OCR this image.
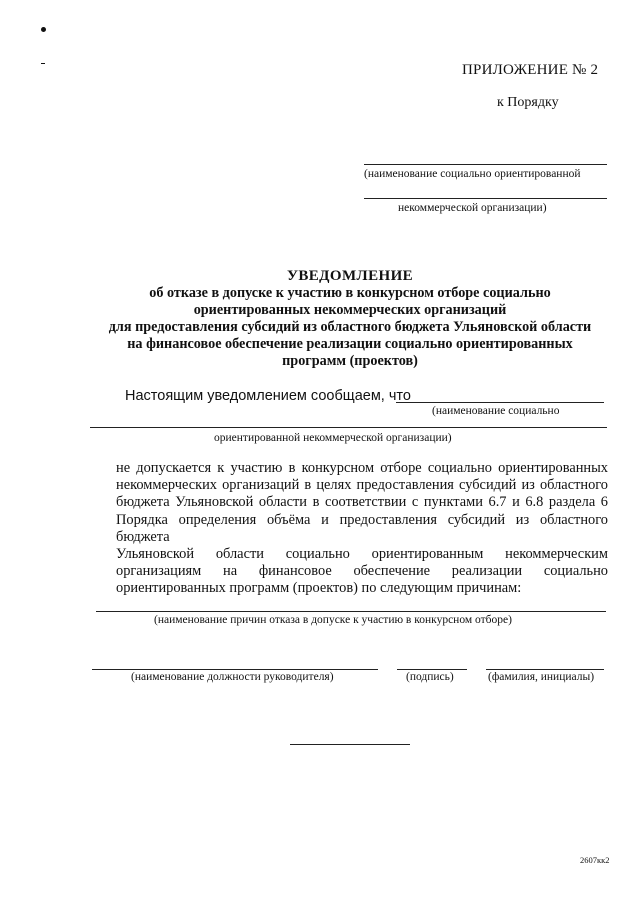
ПРИЛОЖЕНИЕ № 2
к Порядку
(наименование социально ориентированной
некоммерческой организации)
УВЕДОМЛЕНИЕ
об отказе в допуске к участию в конкурсном отборе социально
ориентированных некоммерческих организаций
для предоставления субсидий из областного бюджета Ульяновской области
на финансовое обеспечение реализации социально ориентированных
программ (проектов)
Настоящим уведомлением сообщаем, что
(наименование социально
ориентированной некоммерческой организации)
не допускается к участию в конкурсном отборе социально ориентированных
некоммерческих организаций в целях предоставления субсидий из областного
бюджета Ульяновской области в соответствии с пунктами 6.7 и 6.8 раздела 6
Порядка определения объёма и предоставления субсидий из областного бюджета
Ульяновской области социально ориентированным некоммерческим
организациям на финансовое обеспечение реализации социально
ориентированных программ (проектов) по следующим причинам:
(наименование причин отказа в допуске к участию в конкурсном отборе)
(наименование должности руководителя)	(подпись)	(фамилия, инициалы)
2607кк2
